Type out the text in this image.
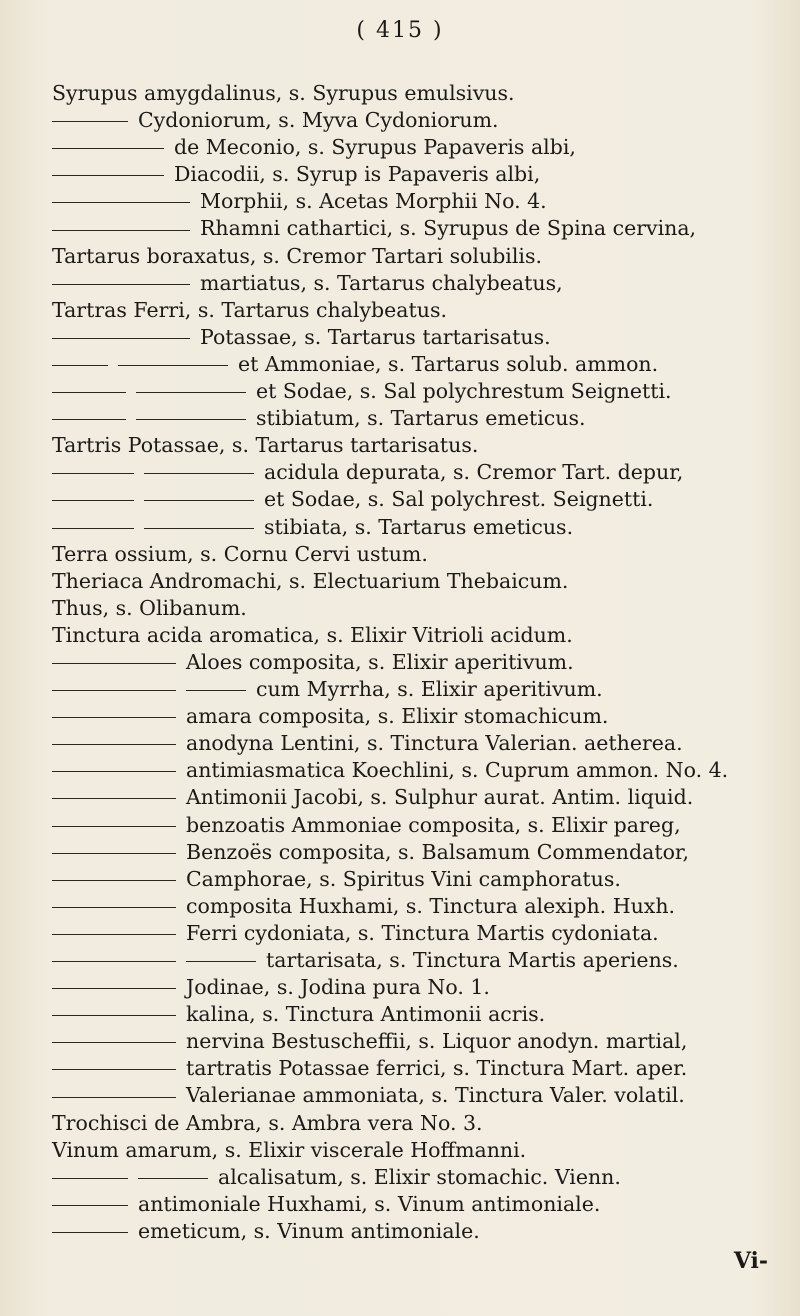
( 415 )
Syrupus amygdalinus, s. Syrupus emulsivus.
Cydoniorum, s. Myva Cydoniorum.
de Meconio, s. Syrupus Papaveris albi,
Diacodii, s. Syrup is Papaveris albi,
Morphii, s. Acetas Morphii No. 4.
Rhamni cathartici, s. Syrupus de Spina cervina,
Tartarus boraxatus, s. Cremor Tartari solubilis.
martiatus, s. Tartarus chalybeatus,
Tartras Ferri, s. Tartarus chalybeatus.
Potassae, s. Tartarus tartarisatus.
et Ammoniae, s. Tartarus solub. ammon.
et Sodae, s. Sal polychrestum Seignetti.
stibiatum, s. Tartarus emeticus.
Tartris Potassae, s. Tartarus tartarisatus.
acidula depurata, s. Cremor Tart. depur,
et Sodae, s. Sal polychrest. Seignetti.
stibiata, s. Tartarus emeticus.
Terra ossium, s. Cornu Cervi ustum.
Theriaca Andromachi, s. Electuarium Thebaicum.
Thus, s. Olibanum.
Tinctura acida aromatica, s. Elixir Vitrioli acidum.
Aloes composita, s. Elixir aperitivum.
cum Myrrha, s. Elixir aperitivum.
amara composita, s. Elixir stomachicum.
anodyna Lentini, s. Tinctura Valerian. aetherea.
antimiasmatica Koechlini, s. Cuprum ammon. No. 4.
Antimonii Jacobi, s. Sulphur aurat. Antim. liquid.
benzoatis Ammoniae composita, s. Elixir pareg,
Benzoës composita, s. Balsamum Commendator,
Camphorae, s. Spiritus Vini camphoratus.
composita Huxhami, s. Tinctura alexiph. Huxh.
Ferri cydoniata, s. Tinctura Martis cydoniata.
tartarisata, s. Tinctura Martis aperiens.
Jodinae, s. Jodina pura No. 1.
kalina, s. Tinctura Antimonii acris.
nervina Bestuscheffii, s. Liquor anodyn. martial,
tartratis Potassae ferrici, s. Tinctura Mart. aper.
Valerianae ammoniata, s. Tinctura Valer. volatil.
Trochisci de Ambra, s. Ambra vera No. 3.
Vinum amarum, s. Elixir viscerale Hoffmanni.
alcalisatum, s. Elixir stomachic. Vienn.
antimoniale Huxhami, s. Vinum antimoniale.
emeticum, s. Vinum antimoniale.
Vi-
